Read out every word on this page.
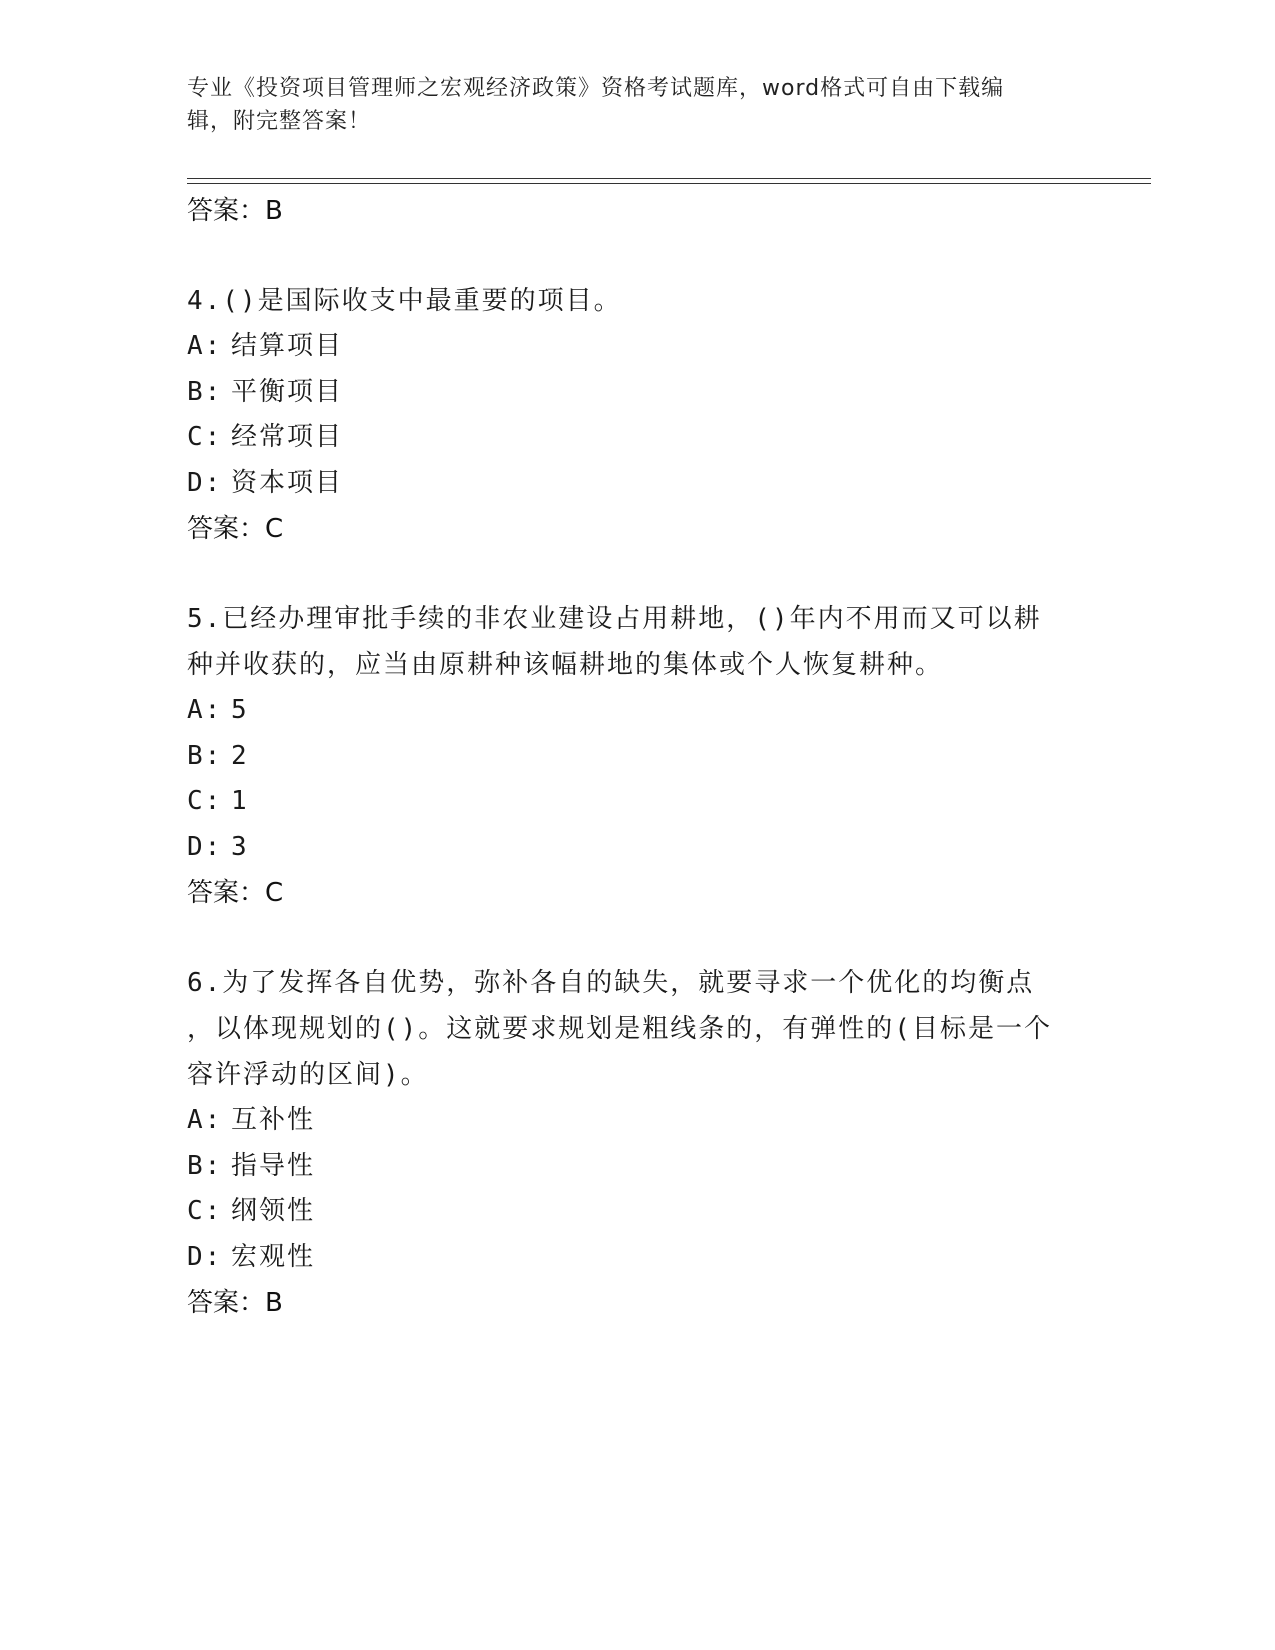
专业《投资项目管理师之宏观经济政策》资格考试题库，word格式可自由下载编
辑，附完整答案！
答案：B
4.()是国际收支中最重要的项目。
A: 结算项目
B: 平衡项目
C: 经常项目
D: 资本项目
答案：C
5.已经办理审批手续的非农业建设占用耕地，()年内不用而又可以耕
种并收获的，应当由原耕种该幅耕地的集体或个人恢复耕种。
A: 5
B: 2
C: 1
D: 3
答案：C
6.为了发挥各自优势，弥补各自的缺失，就要寻求一个优化的均衡点
，以体现规划的()。这就要求规划是粗线条的，有弹性的(目标是一个
容许浮动的区间)。
A: 互补性
B: 指导性
C: 纲领性
D: 宏观性
答案：B
